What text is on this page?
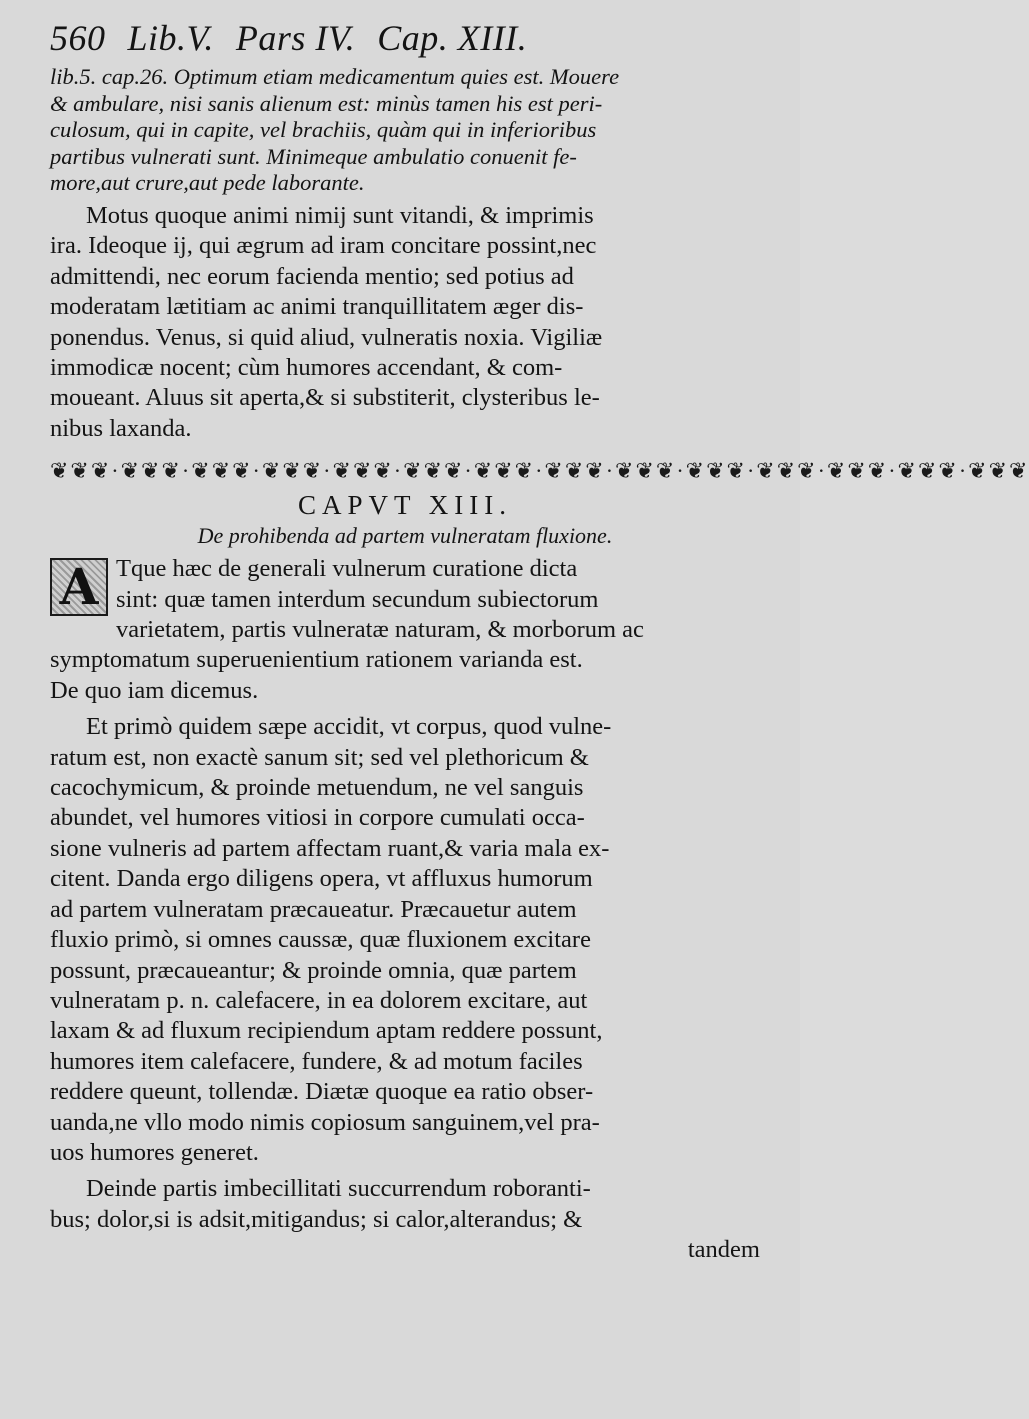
560 Lib.V. Pars IV. Cap. XIII.
lib.5. cap.26. Optimum etiam medicamentum quies est. Mouere
& ambulare, nisi sanis alienum est: minùs tamen his est peri-
culosum, qui in capite, vel brachiis, quàm qui in inferioribus
partibus vulnerati sunt. Minimeque ambulatio conuenit fe-
more,aut crure,aut pede laborante.
Motus quoque animi nimij sunt vitandi, & imprimis
ira. Ideoque ij, qui ægrum ad iram concitare possint,nec
admittendi, nec eorum facienda mentio; sed potius ad
moderatam lætitiam ac animi tranquillitatem æger dis-
ponendus. Venus, si quid aliud, vulneratis noxia. Vigiliæ
immodicæ nocent; cùm humores accendant, & com-
moueant. Aluus sit aperta,& si substiterit, clysteribus le-
nibus laxanda.
❦❦❦·❦❦❦·❦❦❦·❦❦❦·❦❦❦·❦❦❦·❦❦❦·❦❦❦·❦❦❦·❦❦❦·❦❦❦·❦❦❦·❦❦❦·❦❦❦
CAPVT XIII.
De prohibenda ad partem vulneratam fluxione.
A Tque hæc de generali vulnerum curatione dicta
sint: quæ tamen interdum secundum subiectorum
varietatem, partis vulneratæ naturam, & morborum ac
symptomatum superuenientium rationem varianda est.
De quo iam dicemus.
Et primò quidem sæpe accidit, vt corpus, quod vulne-
ratum est, non exactè sanum sit; sed vel plethoricum &
cacochymicum, & proinde metuendum, ne vel sanguis
abundet, vel humores vitiosi in corpore cumulati occa-
sione vulneris ad partem affectam ruant,& varia mala ex-
citent. Danda ergo diligens opera, vt affluxus humorum
ad partem vulneratam præcaueatur. Præcauetur autem
fluxio primò, si omnes caussæ, quæ fluxionem excitare
possunt, præcaueantur; & proinde omnia, quæ partem
vulneratam p. n. calefacere, in ea dolorem excitare, aut
laxam & ad fluxum recipiendum aptam reddere possunt,
humores item calefacere, fundere, & ad motum faciles
reddere queunt, tollendæ. Diætæ quoque ea ratio obser-
uanda,ne vllo modo nimis copiosum sanguinem,vel pra-
uos humores generet.
Deinde partis imbecillitati succurrendum roboranti-
bus; dolor,si is adsit,mitigandus; si calor,alterandus; &
tandem
